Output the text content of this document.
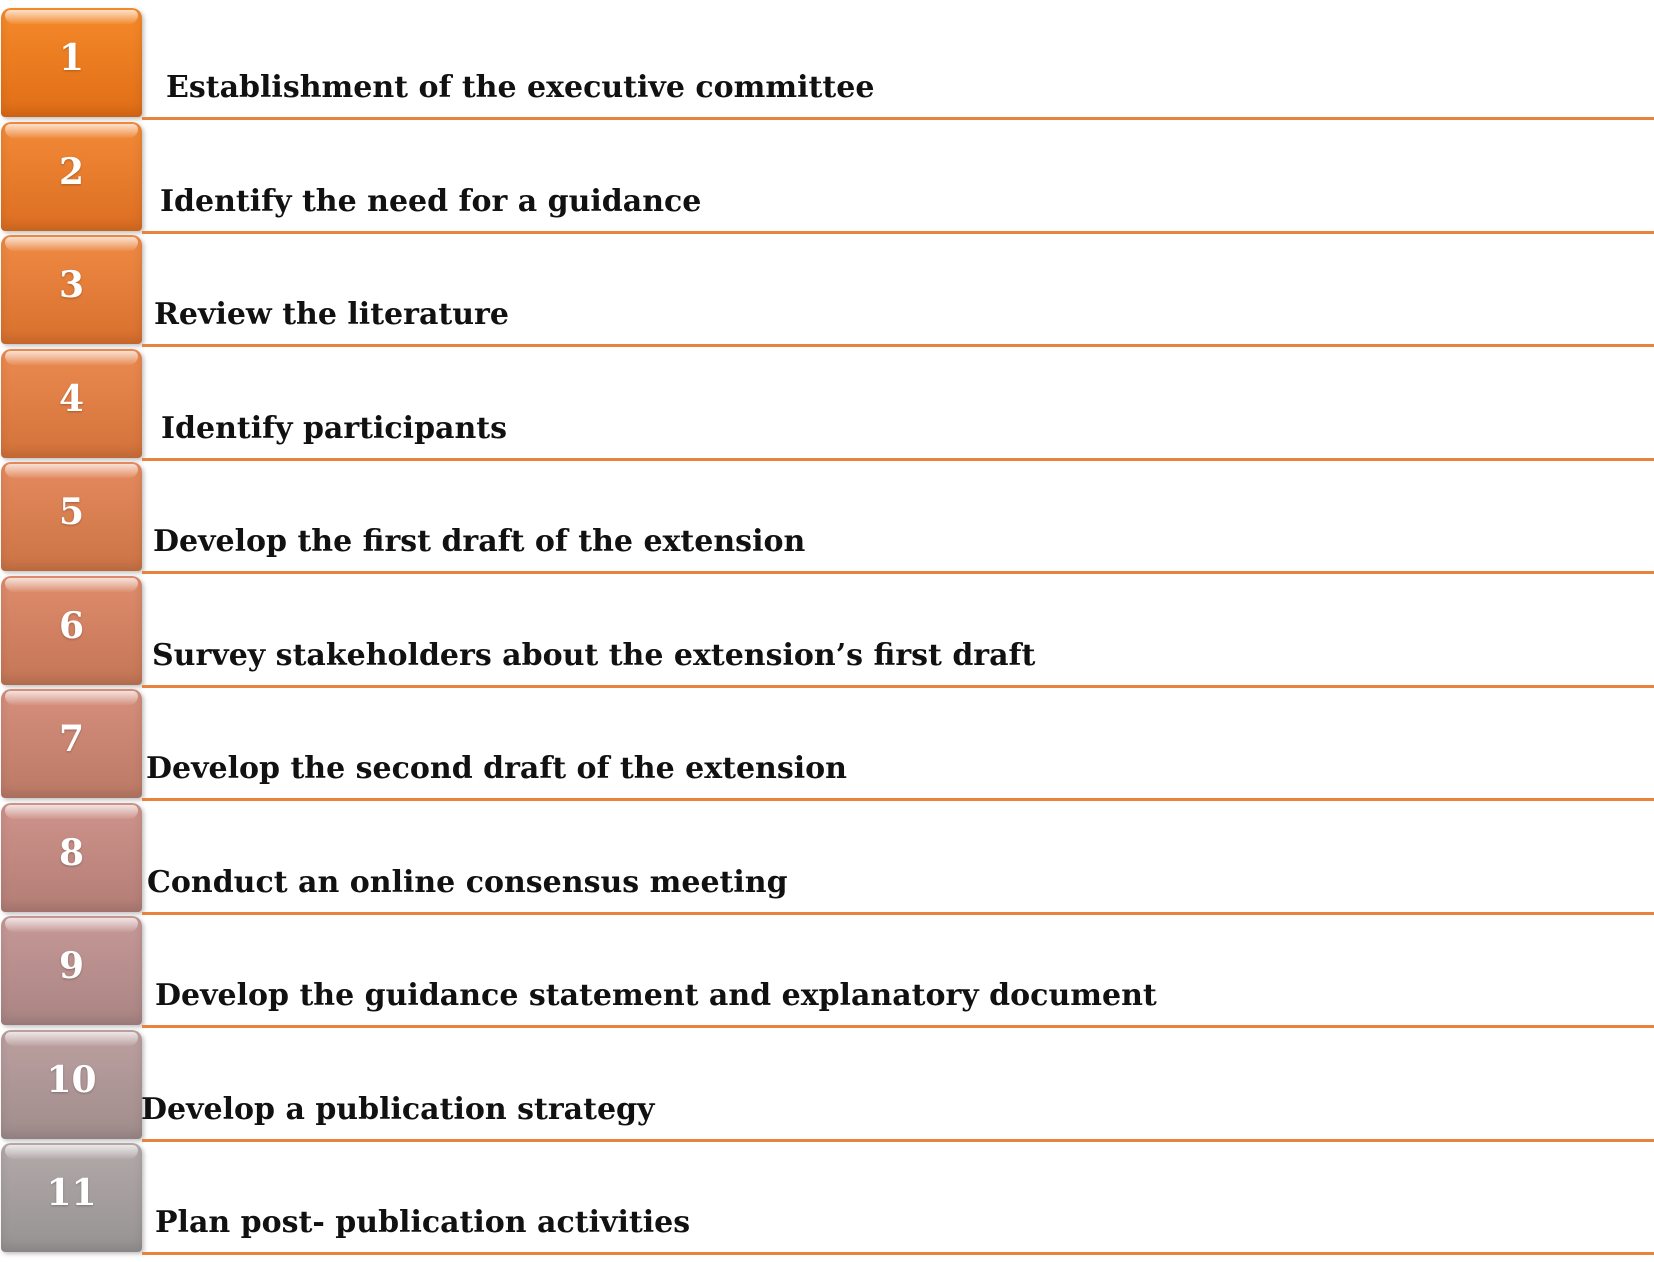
1
Establishment of the executive committee
2
Identify the need for a guidance
3
Review the literature
4
Identify participants
5
Develop the first draft of the extension
6
Survey stakeholders about the extension’s first draft
7
Develop the second draft of the extension
8
Conduct an online consensus meeting
9
Develop the guidance statement and explanatory document
10
Develop a publication strategy
11
Plan post- publication activities
